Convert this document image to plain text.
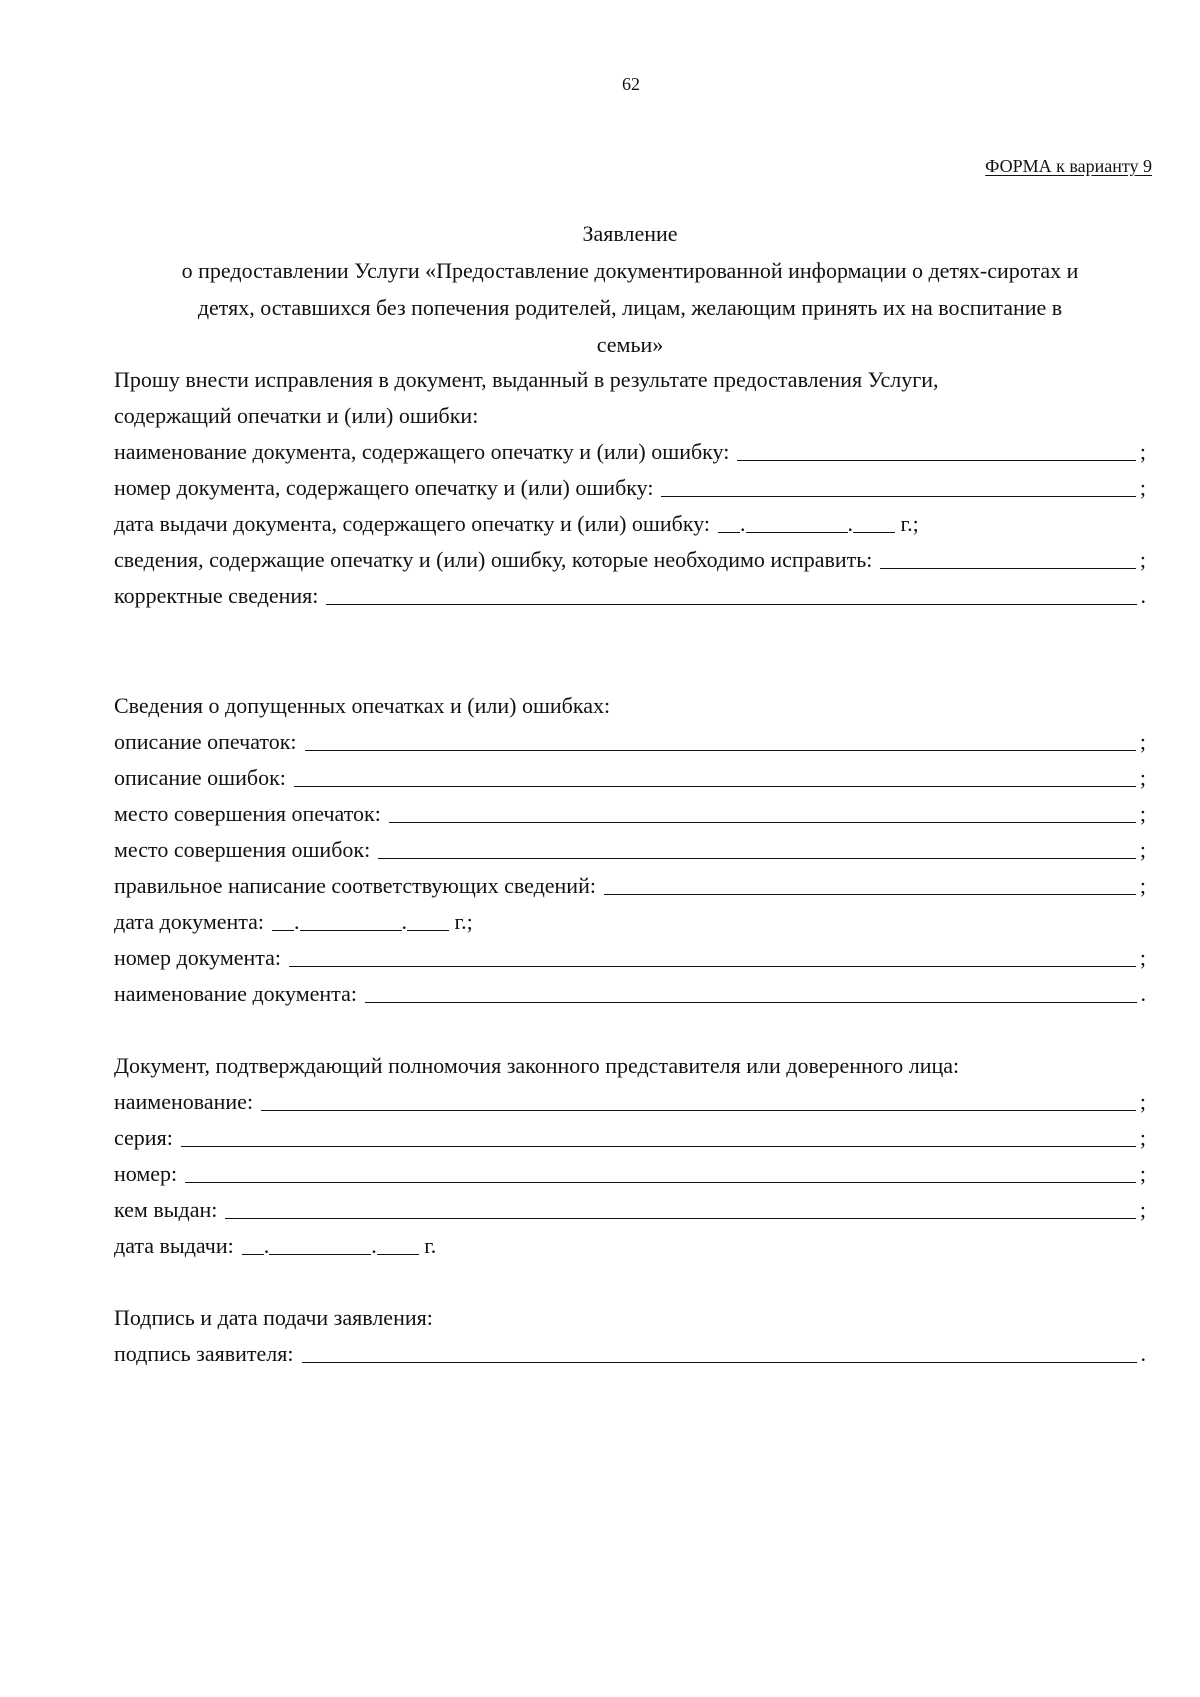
62
ФОРМА к варианту 9
Заявление
о предоставлении Услуги «Предоставление документированной информации о детях-сиротах и
детях, оставшихся без попечения родителей, лицам, желающим принять их на воспитание в
семьи»
Прошу внести исправления в документ, выданный в результате предоставления Услуги,
содержащий опечатки и (или) ошибки:
наименование документа, содержащего опечатку и (или) ошибку:	;
номер документа, содержащего опечатку и (или) ошибку:	;
дата выдачи документа, содержащего опечатку и (или) ошибку: .	.
г.;
сведения, содержащие опечатку и (или) ошибку, которые необходимо исправить:	;
корректные сведения:	.
Сведения о допущенных опечатках и (или) ошибках:
описание опечаток:	;
описание ошибок:	;
место совершения опечаток:	;
место совершения ошибок:	;
правильное написание соответствующих сведений:	;
дата документа: .	.
г.;
номер документа:	;
наименование документа:	.
Документ, подтверждающий полномочия законного представителя или доверенного лица:
наименование:	;
серия:	;
номер:	;
кем выдан:	;
дата выдачи: .	.
г.
Подпись и дата подачи заявления:
подпись заявителя:	.
